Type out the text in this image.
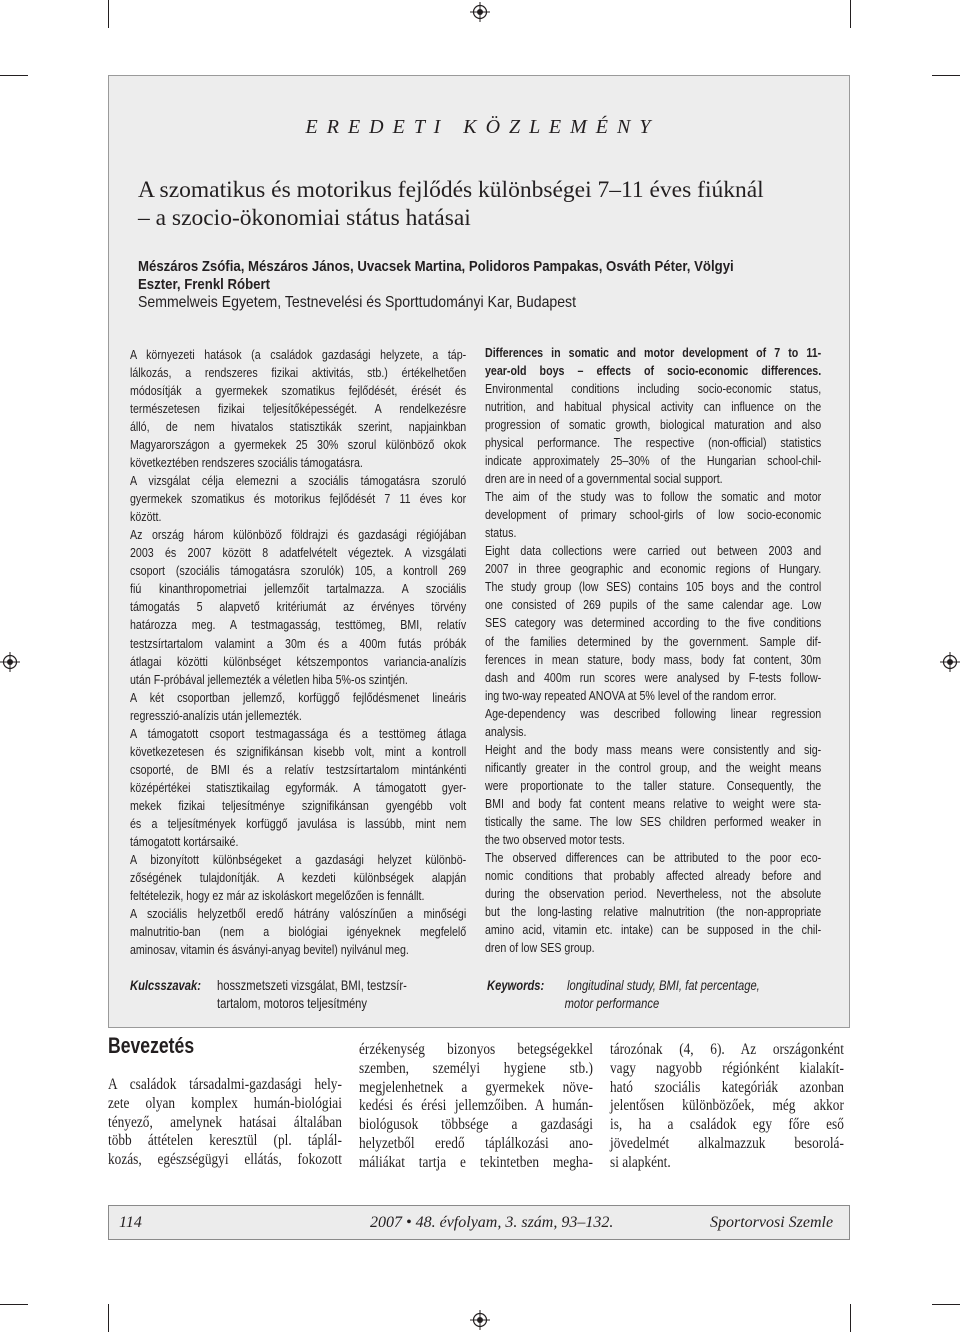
E R E D E T I   K Ö Z L E M É N Y
A szomatikus és motorikus fejlődés különbségei 7–11 éves fiúknál
– a szocio-ökonomiai státus hatásai
Mészáros Zsófia, Mészáros János, Uvacsek Martina, Polidoros Pampakas, Osváth Péter, Völgyi
Eszter, Frenkl Róbert
Semmelweis Egyetem, Testnevelési és Sporttudományi Kar, Budapest
A környezeti hatások (a családok gazdasági helyzete, a táp-
lálkozás, a rendszeres fizikai aktivitás, stb.) értékelhetően
módosítják a gyermekek szomatikus fejlődését, érését és
természetesen fizikai teljesítőképességét. A rendelkezésre
álló, de nem hivatalos statisztikák szerint, napjainkban
Magyarországon a gyermekek 25 30% szorul különböző okok
következtében rendszeres szociális támogatásra.
A vizsgálat célja elemezni a szociális támogatásra szoruló
gyermekek szomatikus és motorikus fejlődését 7 11 éves kor
között.
Az ország három különböző földrajzi és gazdasági régiójában
2003 és 2007 között 8 adatfelvételt végeztek. A vizsgálati
csoport (szociális támogatásra szorulók) 105, a kontroll 269
fiú kinanthropometriai jellemzőit tartalmazza. A szociális
támogatás 5 alapvető kritériumát az érvényes törvény
határozza meg. A testmagasság, testtömeg, BMI, relatív
testzsírtartalom valamint a 30m és a 400m futás próbák
átlagai közötti különbséget kétszempontos variancia-analízis
után F-próbával jellemezték a véletlen hiba 5%-os szintjén.
A két csoportban jellemző, korfüggő fejlődésmenet lineáris
regresszió-analízis után jellemezték.
A támogatott csoport testmagassága és a testtömeg átlaga
következetesen és szignifikánsan kisebb volt, mint a kontroll
csoporté, de BMI és a relatív testzsírtartalom mintánkénti
középértékei statisztikailag egyformák. A támogatott gyer-
mekek fizikai teljesítménye szignifikánsan gyengébb volt
és a teljesítmények korfüggő javulása is lassúbb, mint nem
támogatott kortársaiké.
A bizonyított különbségeket a gazdasági helyzet különbö-
zőségének tulajdonítják. A kezdeti különbségek alapján
feltételezik, hogy ez már az iskoláskort megelőzően is fennállt.
A szociális helyzetből eredő hátrány valószínűen a minőségi
malnutritio-ban (nem a biológiai igényeknek megfelelő
aminosav, vitamin és ásványi-anyag bevitel) nyilvánul meg.
Differences in somatic and motor development of 7 to 11-
year-old boys – effects of socio-economic differences.
Environmental conditions including socio-economic status,
nutrition, and habitual physical activity can influence on the
progression of somatic growth, biological maturation and also
physical performance. The respective (non-official) statistics
indicate approximately 25–30% of the Hungarian school-chil-
dren are in need of a governmental social support.
The aim of the study was to follow the somatic and motor
development of primary school-girls of low socio-economic
status.
Eight data collections were carried out between 2003 and
2007 in three geographic and economic regions of Hungary.
The study group (low SES) contains 105 boys and the control
one consisted of 269 pupils of the same calendar age. Low
SES category was determined according to the five conditions
of the families determined by the government. Sample dif-
ferences in mean stature, body mass, body fat content, 30m
dash and 400m run scores were analysed by F-tests follow-
ing two-way repeated ANOVA at 5% level of the random error.
Age-dependency was described following linear regression
analysis.
Height and the body mass means were consistently and sig-
nificantly greater in the control group, and the weight means
were proportionate to the taller stature. Consequently, the
BMI and body fat content means relative to weight were sta-
tistically the same. The low SES children performed weaker in
the two observed motor tests.
The observed differences can be attributed to the poor eco-
nomic conditions that probably affected already before and
during the observation period. Nevertheless, not the absolute
but the long-lasting relative malnutrition (the non-appropriate
amino acid, vitamin etc. intake) can be supposed in the chil-
dren of low SES group.
Kulcsszavak: hosszmetszeti vizsgálat, BMI, testzsír-
tartalom, motoros teljesítmény
Keywords: longitudinal study, BMI, fat percentage,
motor performance
Bevezetés
A családok társadalmi-gazdasági hely-
zete olyan komplex humán-biológiai
tényező, amelynek hatásai általában
több áttételen keresztül (pl. táplál-
kozás, egészségügyi ellátás, fokozott
érzékenység bizonyos betegségekkel
szemben, személyi hygiene stb.)
megjelenhetnek a gyermekek növe-
kedési és érési jellemzőiben. A humán-
biológusok többsége a gazdasági
helyzetből eredő táplálkozási ano-
máliákat tartja e tekintetben megha-
tározónak (4, 6). Az országonként
vagy nagyobb régiónként kialakít-
ható szociális kategóriák azonban
jelentősen különbözőek, még akkor
is, ha a családok egy főre eső
jövedelmét alkalmazzuk besorolá-
si alapként.
114	2007 • 48. évfolyam, 3. szám, 93–132.	Sportorvosi Szemle
